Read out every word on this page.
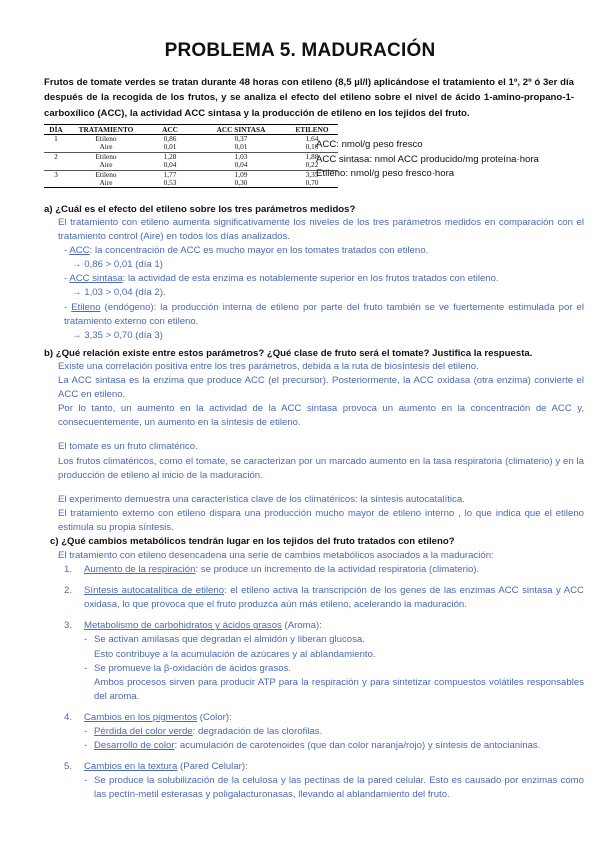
PROBLEMA 5. MADURACIÓN
Frutos de tomate verdes se tratan durante 48 horas con etileno (8,5 µl/l) aplicándose el tratamiento el 1º, 2º ó 3er día después de la recogida de los frutos, y se analiza el efecto del etileno sobre el nivel de ácido 1-amino-propano-1-carboxílico (ACC), la actividad ACC sintasa y la producción de etileno en los tejidos del fruto.
DÍA	TRATAMIENTO	ACC	ACC SINTASA	ETILENO
1	Etileno	0,86	0,37	1,64
	Aire	0,01	0,01	0,16
2	Etileno	1,28	1,03	1,88
	Aire	0,04	0,04	0,22
3	Etileno	1,77	1,09	3,35
	Aire	0,53	0,30	0,70
ACC: nmol/g peso fresco
ACC sintasa: nmol ACC producido/mg proteína·hora
Etileno: nmol/g peso fresco·hora
a) ¿Cuál es el efecto del etileno sobre los tres parámetros medidos?

El tratamiento con etileno aumenta significativamente los niveles de los tres parámetros medidos en comparación con el tratamiento control (Aire) en todos los días analizados.

- ACC: la concentración de ACC es mucho mayor en los tomates tratados con etileno.

→ 0,86 > 0,01 (día 1)

- ACC sintasa: la actividad de esta enzima es notablemente superior en los frutos tratados con etileno.

→ 1,03 > 0,04 (día 2).

- Etileno (endógeno): la producción interna de etileno por parte del fruto también se ve fuertemente estimulada por el tratamiento externo con etileno.

→ 3,35 > 0,70 (día 3)

b) ¿Qué relación existe entre estos parámetros? ¿Qué clase de fruto será el tomate? Justifica la respuesta.

Existe una correlación positiva entre los tres parámetros, debida a la ruta de biosíntesis del etileno.

La ACC sintasa es la enzima que produce ACC (el precursor). Posteriormente, la ACC oxidasa (otra enzima) convierte el ACC en etileno.

Por lo tanto, un aumento en la actividad de la ACC sintasa provoca un aumento en la concentración de ACC y, consecuentemente, un aumento en la síntesis de etileno.

El tomate es un fruto climatérico.

Los frutos climatéricos, como el tomate, se caracterizan por un marcado aumento en la tasa respiratoria (climaterio) y en la producción de etileno al inicio de la maduración.

El experimento demuestra una característica clave de los climatéricos: la síntesis autocatalítica.

El tratamiento externo con etileno dispara una producción mucho mayor de etileno interno , lo que indica que el etileno estimula su propia síntesis.

c) ¿Qué cambios metabólicos tendrán lugar en los tejidos del fruto tratados con etileno?

El tratamiento con etileno desencadena una serie de cambios metabólicos asociados a la maduración:

1.	Aumento de la respiración: se produce un incremento de la actividad respiratoria (climaterio).
2.	Síntesis autocatalítica de etileno: el etileno activa la transcripción de los genes de las enzimas ACC sintasa y ACC oxidasa, lo que provoca que el fruto produzca aún más etileno, acelerando la maduración.
3.	Metabolismo de carbohidratos y ácidos grasos (Aroma):
- Se activan amilasas que degradan el almidón y liberan glucosa.
Esto contribuye a la acumulación de azúcares y al ablandamiento.
- Se promueve la β-oxidación de ácidos grasos.
Ambos procesos sirven para producir ATP para la respiración y para sintetizar compuestos volátiles responsables del aroma.
4.	Cambios en los pigmentos (Color):
- Pérdida del color verde: degradación de las clorofilas.
- Desarrollo de color: acumulación de carotenoides (que dan color naranja/rojo) y síntesis de antocianinas.
5.	Cambios en la textura (Pared Celular):
- Se produce la solubilización de la celulosa y las pectinas de la pared celular. Esto es causado por enzimas como las pectín-metil esterasas y poligalacturonasas, llevando al ablandamiento del fruto.
